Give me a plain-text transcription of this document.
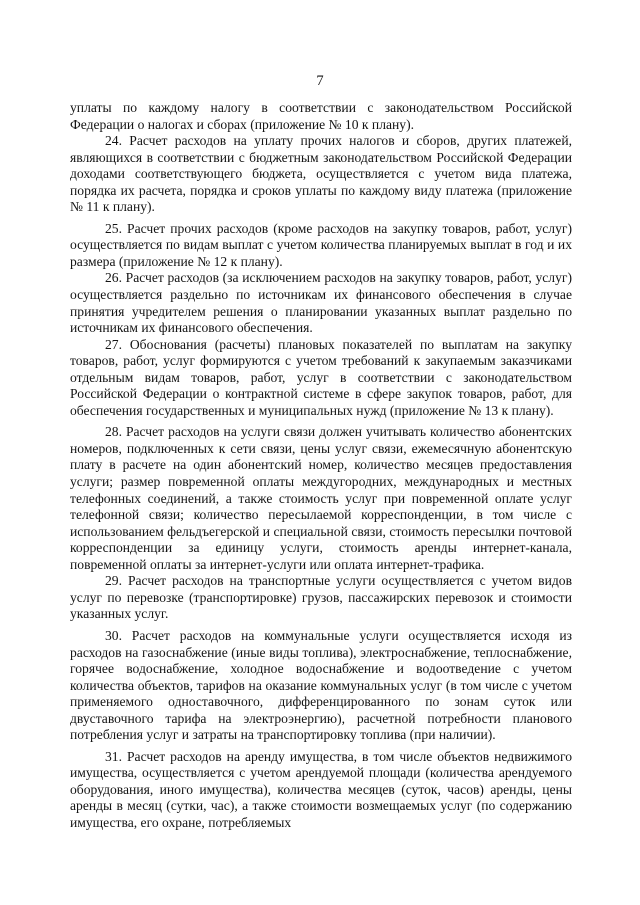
7

уплаты по каждому налогу в соответствии с законодательством Российской Федерации о налогах и сборах (приложение № 10 к плану).

24. Расчет расходов на уплату прочих налогов и сборов, других платежей, являющихся в соответствии с бюджетным законодательством Российской Федерации доходами соответствующего бюджета, осуществляется с учетом вида платежа, порядка их расчета, порядка и сроков уплаты по каждому виду платежа (приложение № 11 к плану).

25. Расчет прочих расходов (кроме расходов на закупку товаров, работ, услуг) осуществляется по видам выплат с учетом количества планируемых выплат в год и их размера (приложение № 12 к плану).

26. Расчет расходов (за исключением расходов на закупку товаров, работ, услуг) осуществляется раздельно по источникам их финансового обеспечения в случае принятия учредителем решения о планировании указанных выплат раздельно по источникам их финансового обеспечения.

27. Обоснования (расчеты) плановых показателей по выплатам на закупку товаров, работ, услуг формируются с учетом требований к закупаемым заказчиками отдельным видам товаров, работ, услуг в соответствии с законодательством Российской Федерации о контрактной системе в сфере закупок товаров, работ, для обеспечения государственных и муниципальных нужд (приложение № 13 к плану).

28. Расчет расходов на услуги связи должен учитывать количество абонентских номеров, подключенных к сети связи, цены услуг связи, ежемесячную абонентскую плату в расчете на один абонентский номер, количество месяцев предоставления услуги; размер повременной оплаты междугородних, международных и местных телефонных соединений, а также стоимость услуг при повременной оплате услуг телефонной связи; количество пересылаемой корреспонденции, в том числе с использованием фельдъегерской и специальной связи, стоимость пересылки почтовой корреспонденции за единицу услуги, стоимость аренды интернет-канала, повременной оплаты за интернет-услуги или оплата интернет-трафика.

29. Расчет расходов на транспортные услуги осуществляется с учетом видов услуг по перевозке (транспортировке) грузов, пассажирских перевозок и стоимости указанных услуг.

30. Расчет расходов на коммунальные услуги осуществляется исходя из расходов на газоснабжение (иные виды топлива), электроснабжение, теплоснабжение, горячее водоснабжение, холодное водоснабжение и водоотведение с учетом количества объектов, тарифов на оказание коммунальных услуг (в том числе с учетом применяемого одноставочного, дифференцированного по зонам суток или двуставочного тарифа на электроэнергию), расчетной потребности планового потребления услуг и затраты на транспортировку топлива (при наличии).

31. Расчет расходов на аренду имущества, в том числе объектов недвижимого имущества, осуществляется с учетом арендуемой площади (количества арендуемого оборудования, иного имущества), количества месяцев (суток, часов) аренды, цены аренды в месяц (сутки, час), а также стоимости возмещаемых услуг (по содержанию имущества, его охране, потребляемых
